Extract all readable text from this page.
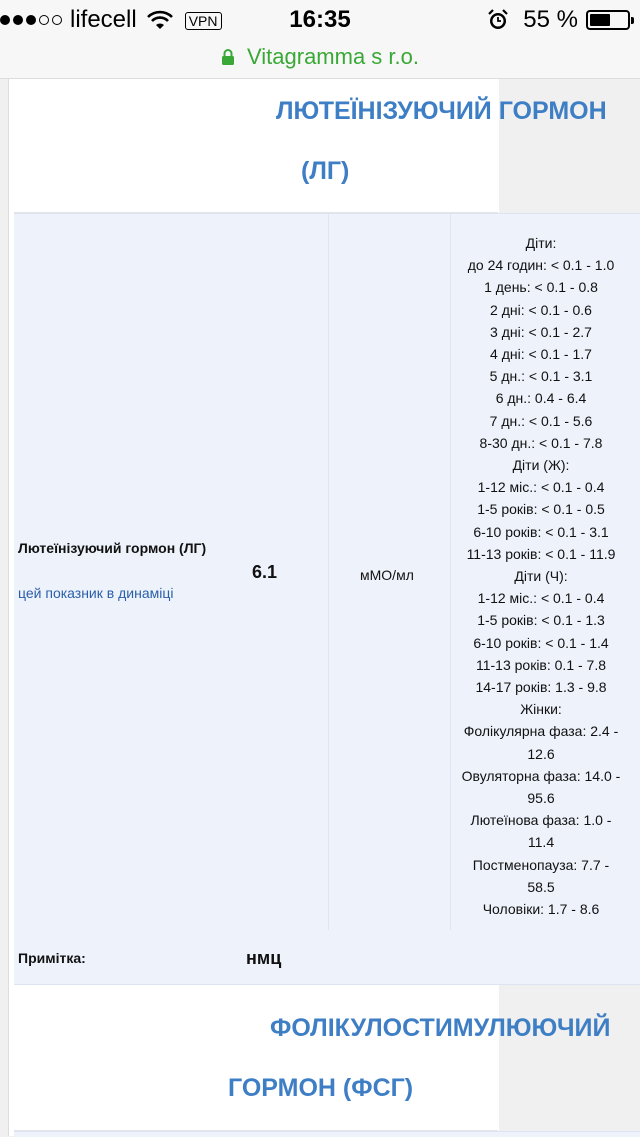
lifecell	VPN	16:35	55 %
Vitagramma s r.o.
ЛЮТЕЇНІЗУЮЧИЙ ГОРМОН
(ЛГ)
Лютеїнізуючий гормон (ЛГ)
цей показник в динаміці
6.1	мМО/мл
Діти:
до 24 годин: < 0.1 - 1.0
1 день: < 0.1 - 0.8
2 дні: < 0.1 - 0.6
3 дні: < 0.1 - 2.7
4 дні: < 0.1 - 1.7
5 дн.: < 0.1 - 3.1
6 дн.: 0.4 - 6.4
7 дн.: < 0.1 - 5.6
8-30 дн.: < 0.1 - 7.8
Діти (Ж):
1-12 міс.: < 0.1 - 0.4
1-5 років: < 0.1 - 0.5
6-10 років: < 0.1 - 3.1
11-13 років: < 0.1 - 11.9
Діти (Ч):
1-12 міс.: < 0.1 - 0.4
1-5 років: < 0.1 - 1.3
6-10 років: < 0.1 - 1.4
11-13 років: 0.1 - 7.8
14-17 років: 1.3 - 9.8
Жінки:
Фолікулярна фаза: 2.4 -
12.6
Овуляторна фаза: 14.0 -
95.6
Лютеїнова фаза: 1.0 -
11.4
Постменопауза: 7.7 -
58.5
Чоловіки: 1.7 - 8.6
Примітка:	нмц
ФОЛІКУЛОСТИМУЛЮЮЧИЙ
ГОРМОН (ФСГ)
